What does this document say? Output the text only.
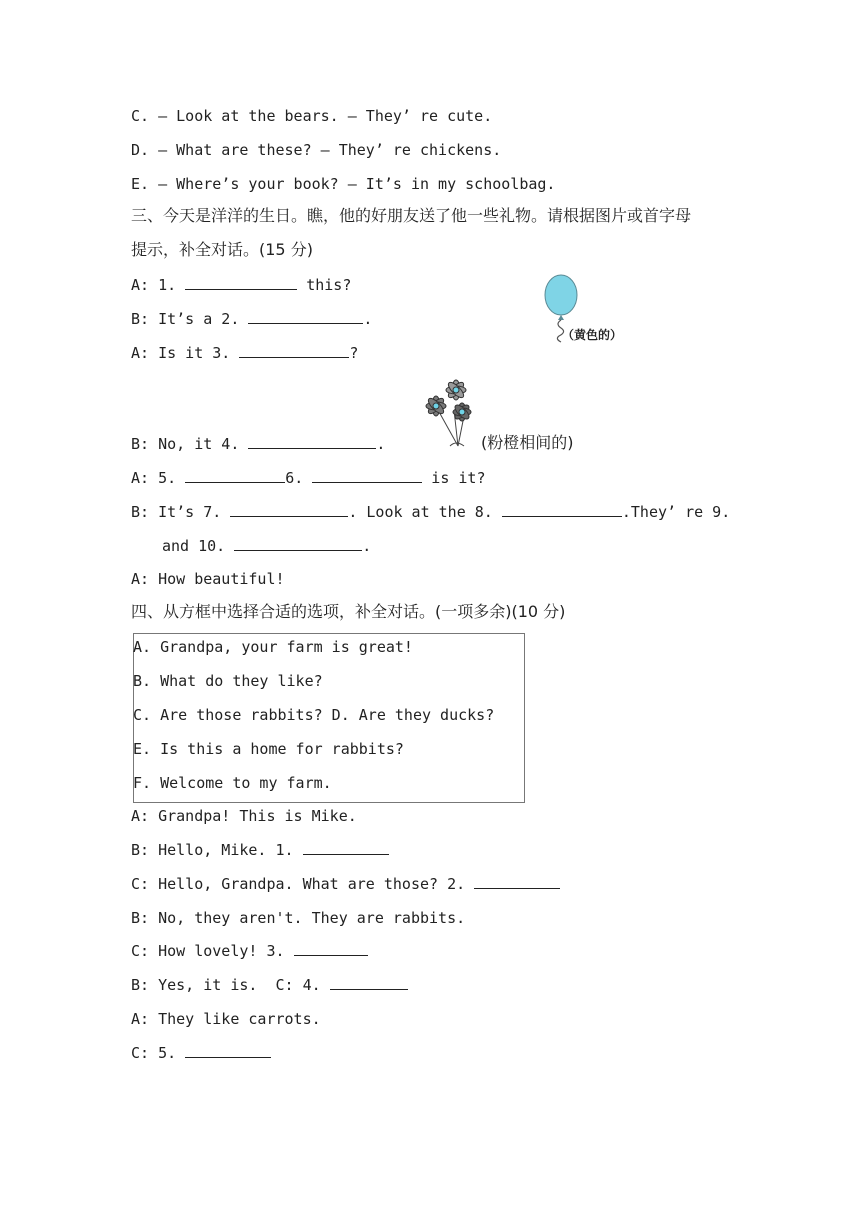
C. — Look at the bears. — They’ re cute.
D. — What are these? — They’ re chickens.
E. — Where’s your book? — It’s in my schoolbag.
三、今天是洋洋的生日。瞧，他的好朋友送了他一些礼物。请根据图片或首字母
提示，补全对话。(15 分)
A: 1.	this?
B: It’s a 2.	.
A: Is it 3.	?
（黄色的）
B: No, it 4.	.	(粉橙相间的)
A: 5.	6.	is it?
B: It’s 7.	. Look at the 8.	.They’ re 9.
and 10.	.
A: How beautiful!
四、从方框中选择合适的选项，补全对话。(一项多余)(10 分)
A. Grandpa, your farm is great!
B. What do they like?
C. Are those rabbits? D. Are they ducks?
E. Is this a home for rabbits?
F. Welcome to my farm.
A: Grandpa! This is Mike.
B: Hello, Mike. 1.
C: Hello, Grandpa. What are those? 2.
B: No, they aren't. They are rabbits.
C: How lovely! 3.
B: Yes, it is.  C: 4.
A: They like carrots.
C: 5.
